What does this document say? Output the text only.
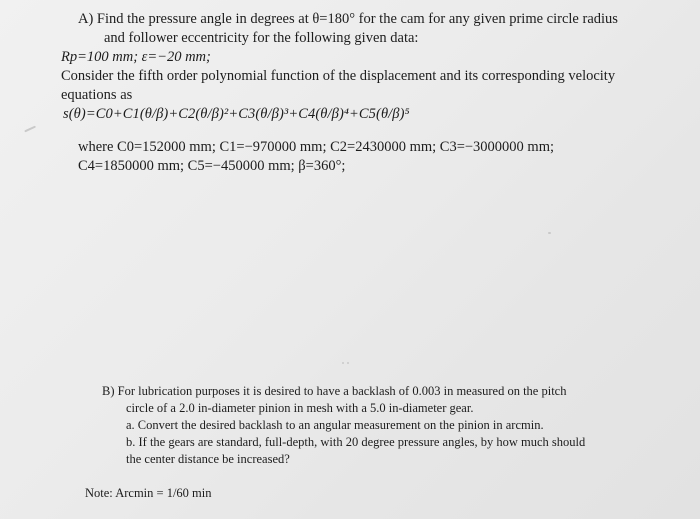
A) Find the pressure angle in degrees at θ=180° for the cam for any given prime circle radius
and follower eccentricity for the following given data:
Rp=100 mm; ε=−20 mm;
Consider the fifth order polynomial function of the displacement and its corresponding velocity
equations as
s(θ)=C0+C1(θ/β)+C2(θ/β)²+C3(θ/β)³+C4(θ/β)⁴+C5(θ/β)⁵
where C0=152000 mm; C1=−970000 mm; C2=2430000 mm; C3=−3000000 mm;
C4=1850000 mm; C5=−450000 mm; β=360°;
B) For lubrication purposes it is desired to have a backlash of 0.003 in measured on the pitch
circle of a 2.0 in-diameter pinion in mesh with a 5.0 in-diameter gear.
a. Convert the desired backlash to an angular measurement on the pinion in arcmin.
b. If the gears are standard, full-depth, with 20 degree pressure angles, by how much should
the center distance be increased?
Note: Arcmin = 1/60 min
